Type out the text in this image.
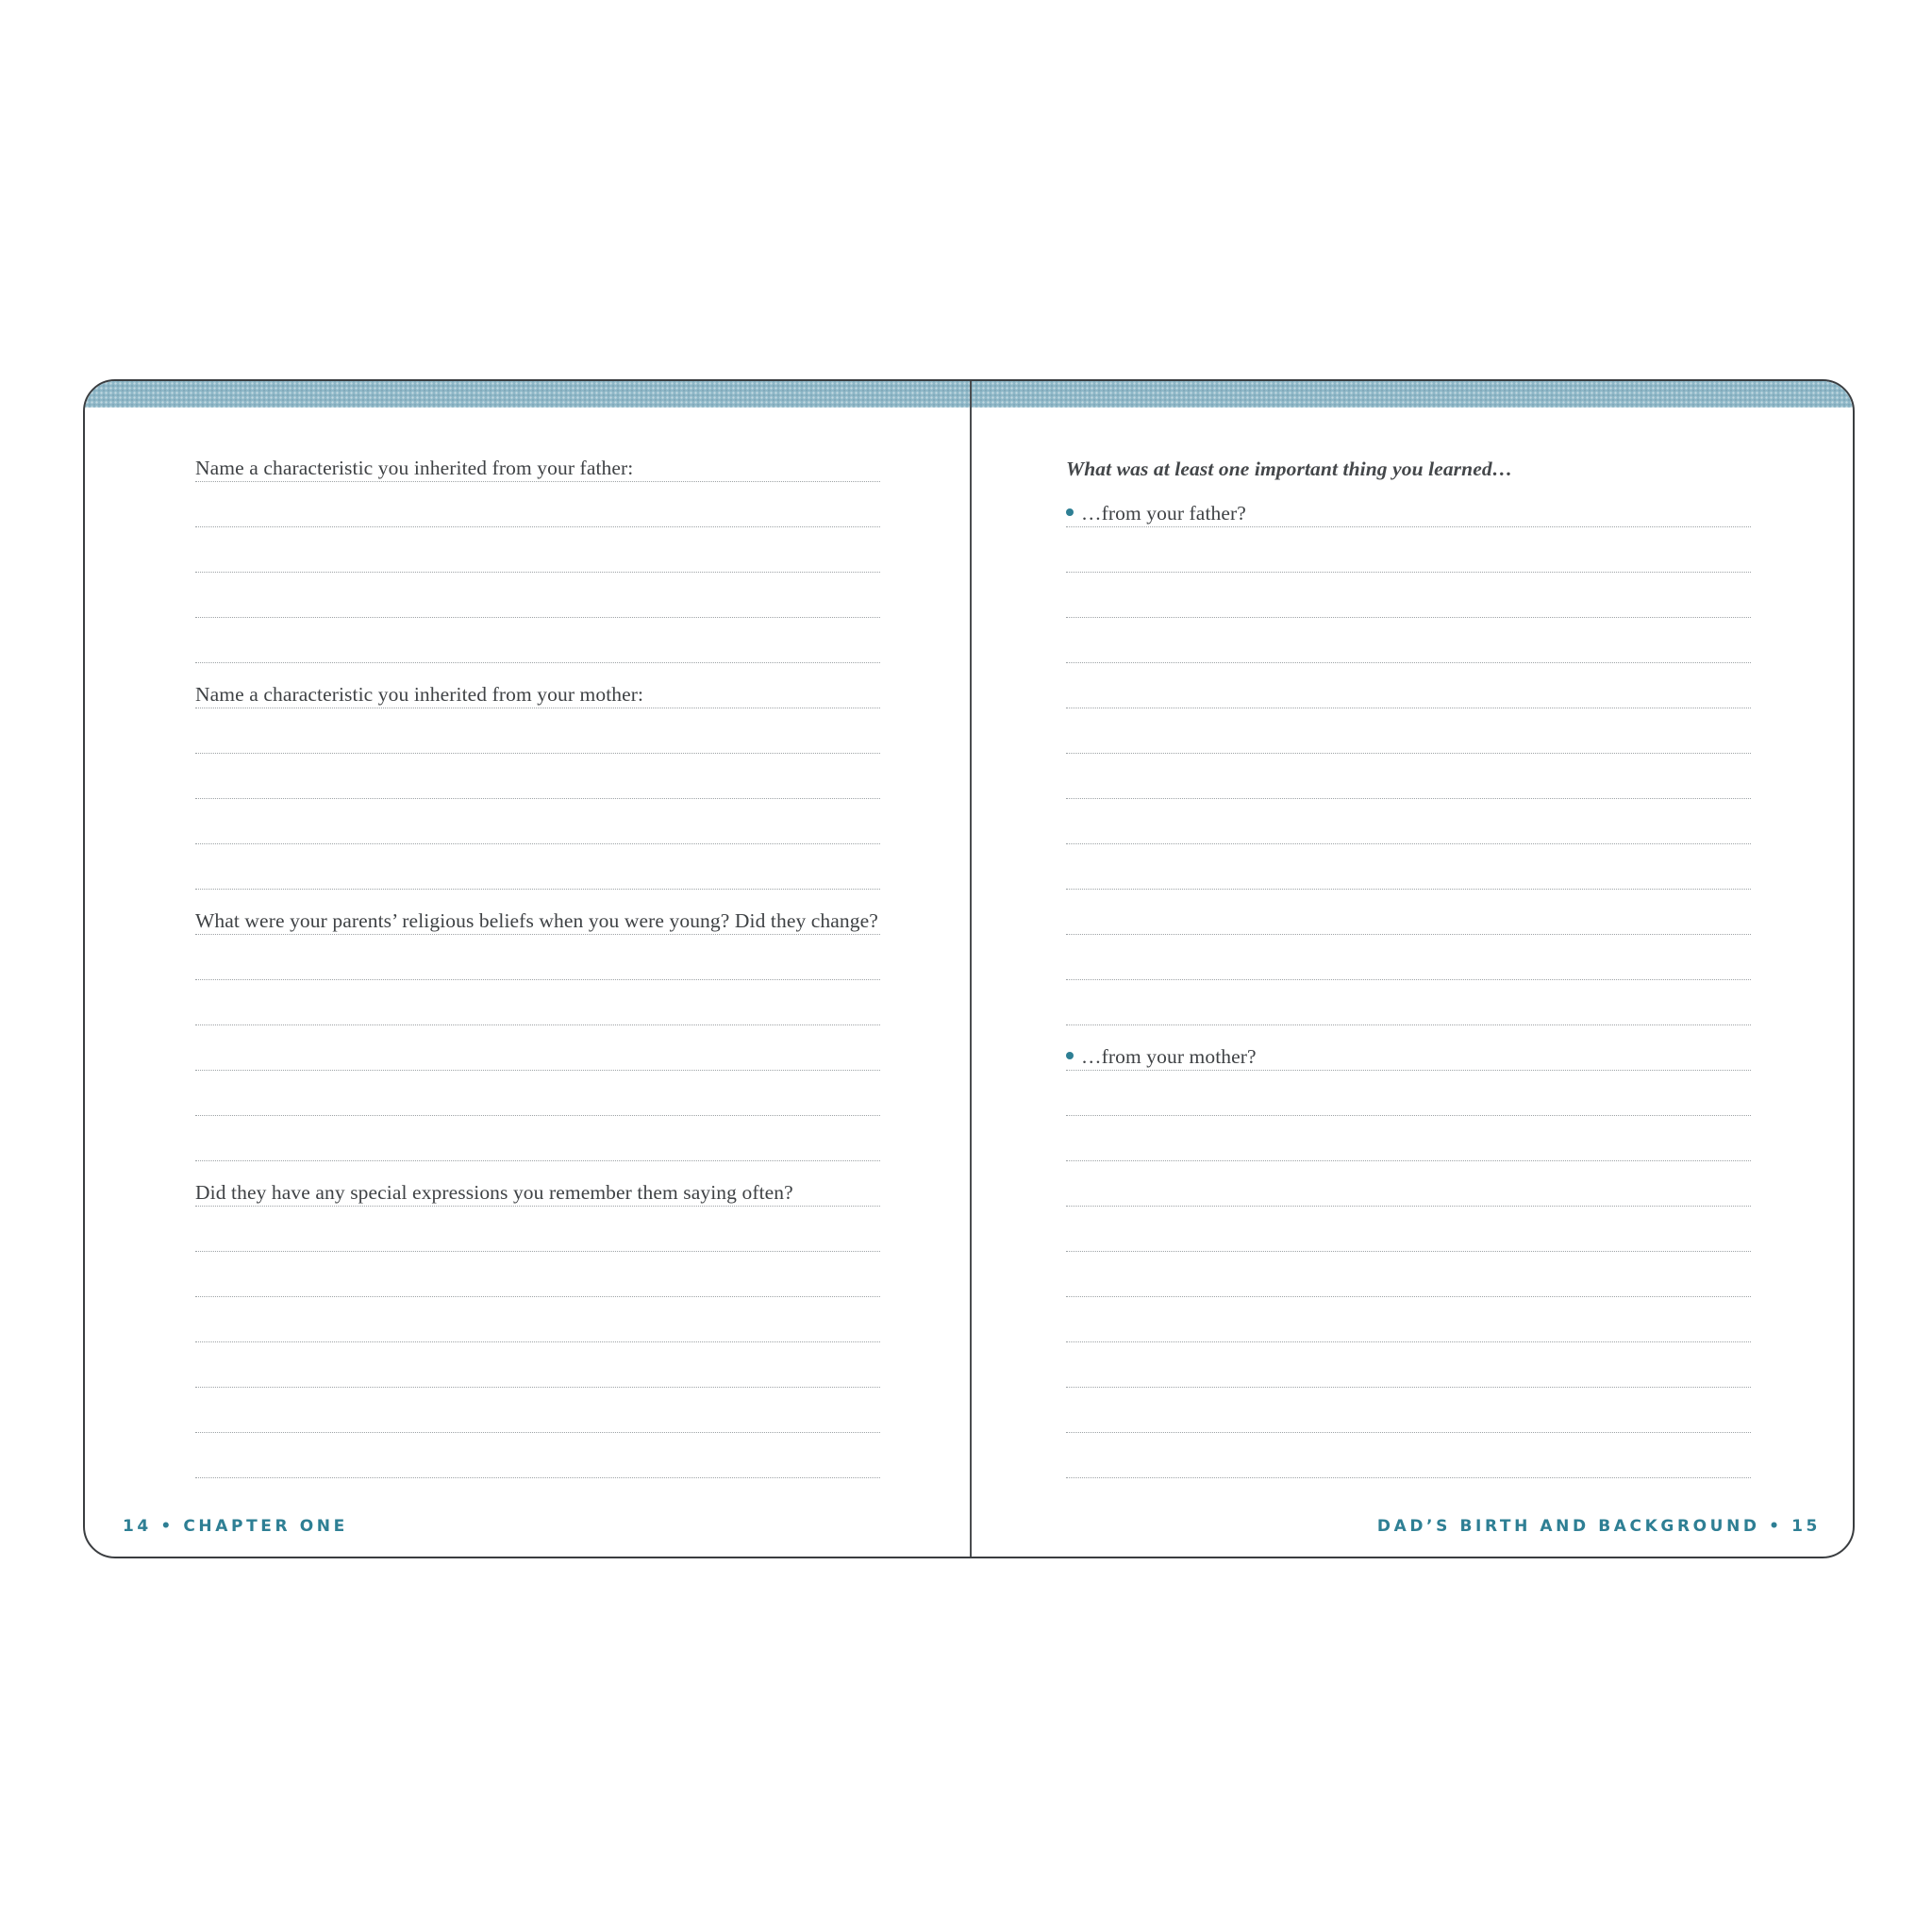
Name a characteristic you inherited from your father:
Name a characteristic you inherited from your mother:
What were your parents’ religious beliefs when you were young? Did they change?
Did they have any special expressions you remember them saying often?
14 • CHAPTER ONE
What was at least one important thing you learned…
…from your father?
…from your mother?
DAD’S BIRTH AND BACKGROUND • 15
